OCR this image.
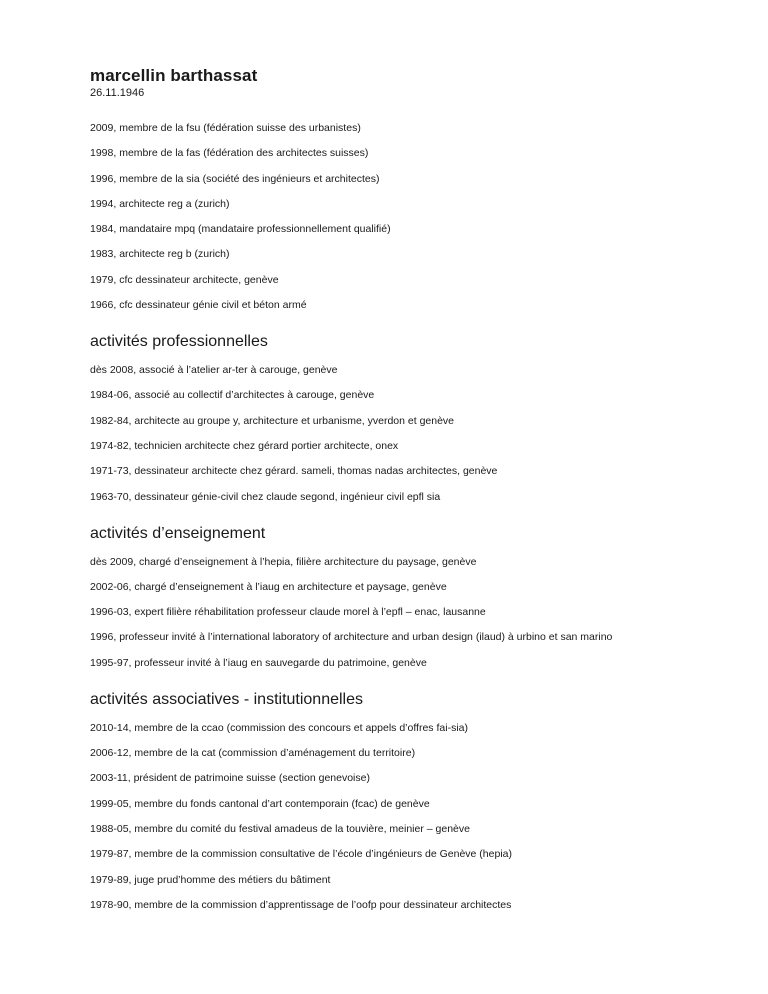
marcellin barthassat

26.11.1946

2009, membre de la fsu (fédération suisse des urbanistes)
1998, membre de la fas (fédération des architectes suisses)
1996, membre de la sia (société des ingénieurs et architectes)
1994, architecte reg a (zurich)
1984, mandataire mpq (mandataire professionnellement qualifié)
1983, architecte reg b (zurich)
1979, cfc dessinateur architecte, genève
1966, cfc dessinateur génie civil et béton armé
activités professionnelles
dès 2008, associé à l’atelier ar-ter à carouge, genève
1984-06, associé au collectif d’architectes à carouge, genève
1982-84, architecte au groupe y, architecture et urbanisme, yverdon et genève
1974-82, technicien architecte chez gérard portier architecte, onex
1971-73, dessinateur architecte chez gérard. sameli, thomas nadas architectes, genève
1963-70, dessinateur génie-civil chez claude segond, ingénieur civil epfl sia
activités d’enseignement
dès 2009, chargé d’enseignement à l’hepia, filière architecture du paysage, genève
2002-06, chargé d’enseignement à l’iaug en architecture et paysage, genève
1996-03, expert filière réhabilitation professeur claude morel à l’epfl – enac, lausanne
1996, professeur invité à l’international laboratory of architecture and urban design (ilaud) à urbino et san marino
1995-97, professeur invité à l’iaug en sauvegarde du patrimoine, genève
activités associatives - institutionnelles
2010-14, membre de la ccao (commission des concours et appels d’offres fai-sia)
2006-12, membre de la cat (commission d’aménagement du territoire)
2003-11, président de patrimoine suisse (section genevoise)
1999-05, membre du fonds cantonal d’art contemporain (fcac) de genève
1988-05, membre du comité du festival amadeus de la touvière, meinier – genève
1979-87, membre de la commission consultative de l’école d’ingénieurs de Genève (hepia)
1979-89, juge prud’homme des métiers du bâtiment
1978-90, membre de la commission d’apprentissage de l’oofp pour dessinateur architectes
